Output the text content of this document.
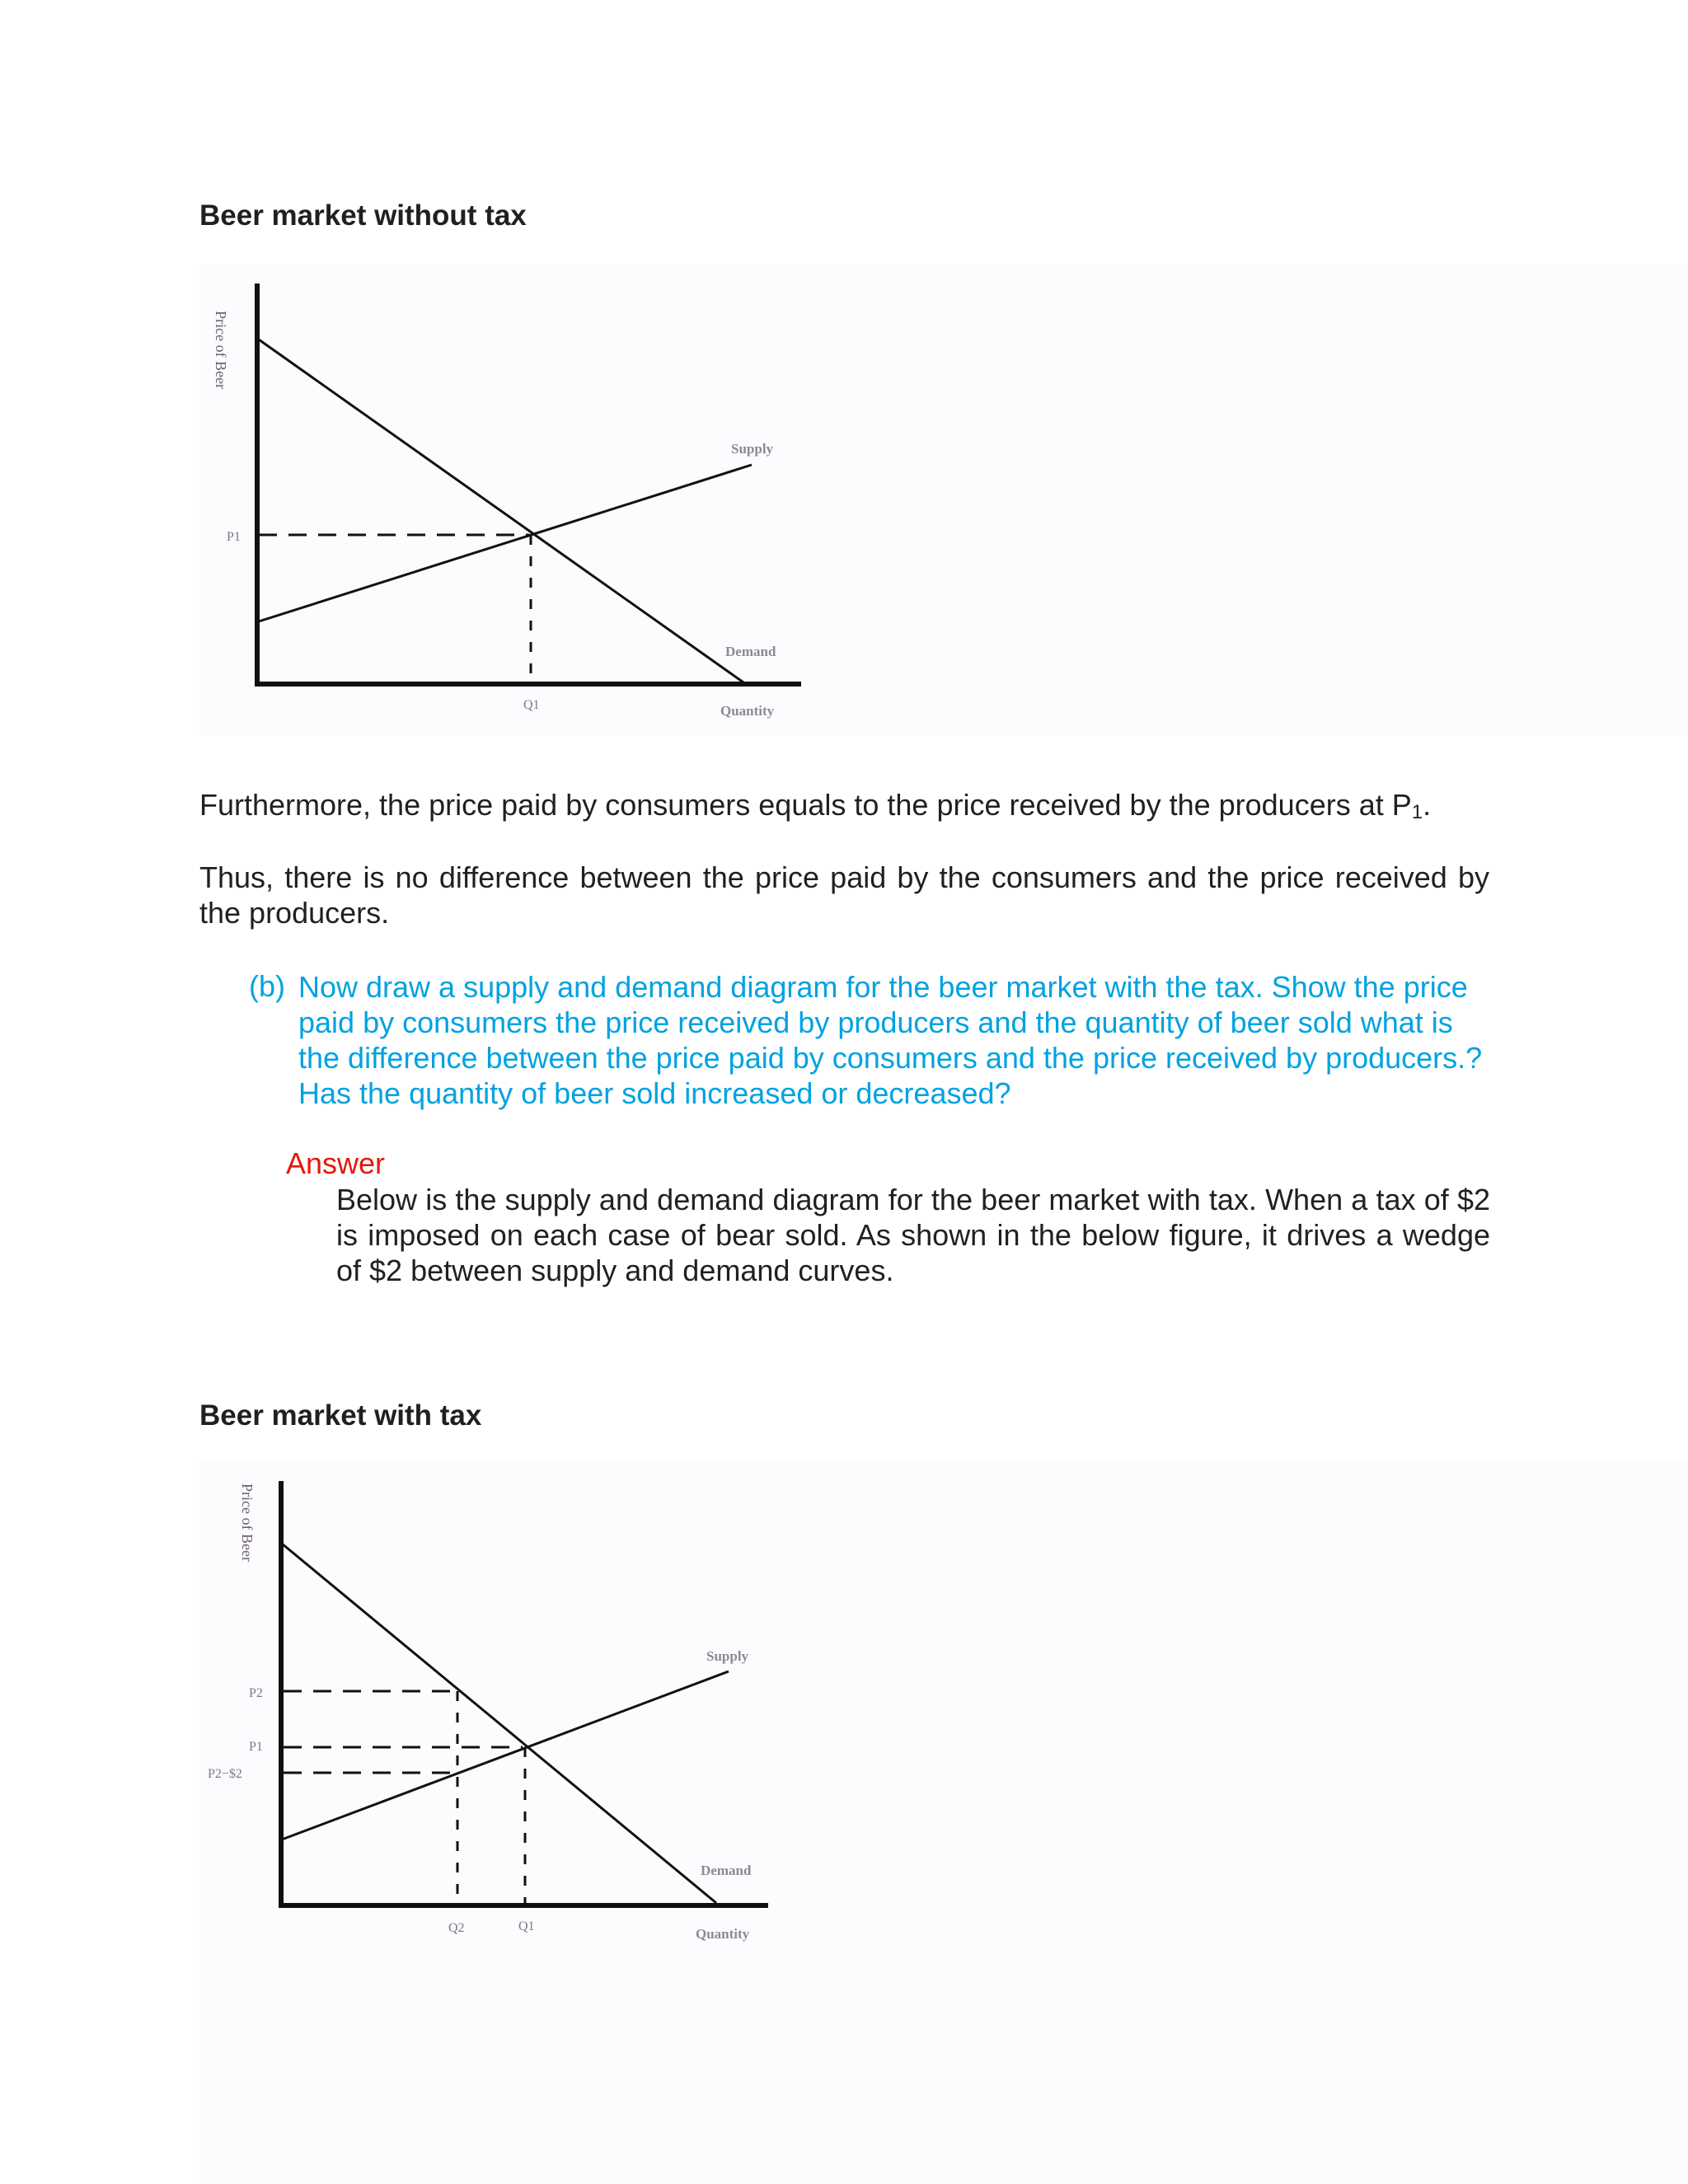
Beer market without tax
Price of Beer
P1
Q1
Supply
Demand
Quantity

Furthermore, the price paid by consumers equals to the price received by the producers at $P_1$.

Thus, there is no difference between the price paid by the consumers and the price received by the producers.

(b) Now draw a supply and demand diagram for the beer market with the tax. Show the price paid by consumers the price received by producers and the quantity of beer sold what is the difference between the price paid by consumers and the price received by producers.? Has the quantity of beer sold increased or decreased?

Answer

Below is the supply and demand diagram for the beer market with tax. When a tax of $2 is imposed on each case of bear sold. As shown in the below figure, it drives a wedge of $2 between supply and demand curves.

Beer market with tax
Price of Beer
P2
P1
P2−$2
Q2	Q1
Supply
Demand
Quantity
